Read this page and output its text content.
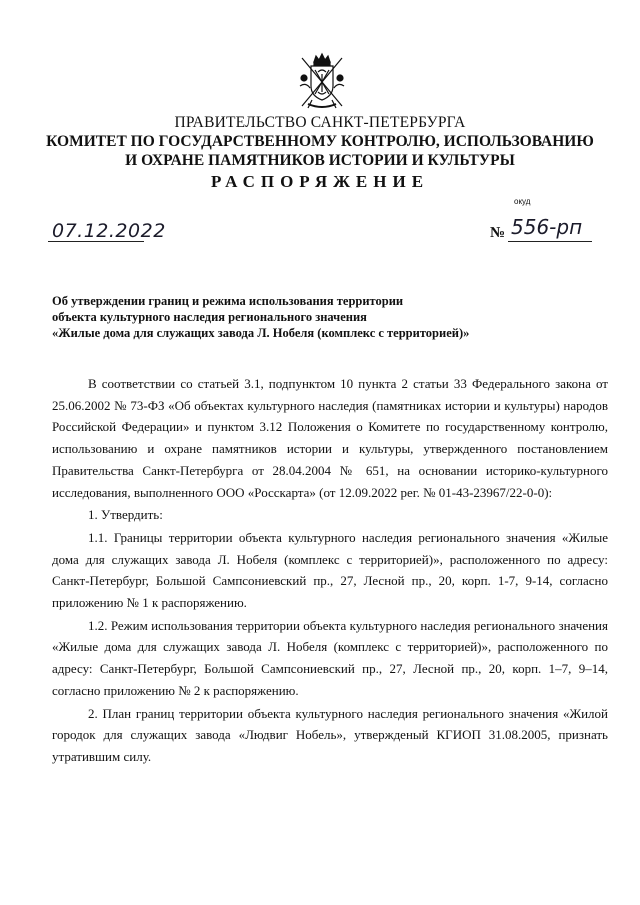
ПРАВИТЕЛЬСТВО САНКТ-ПЕТЕРБУРГА
КОМИТЕТ ПО ГОСУДАРСТВЕННОМУ КОНТРОЛЮ, ИСПОЛЬЗОВАНИЮ
И ОХРАНЕ ПАМЯТНИКОВ ИСТОРИИ И КУЛЬТУРЫ
РАСПОРЯЖЕНИЕ
окуд
07.12.2022	№ 556-рп
Об утверждении границ и режима использования территории
объекта культурного наследия регионального значения
«Жилые дома для служащих завода Л. Нобеля (комплекс с территорией)»

В соответствии со статьей 3.1, подпунктом 10 пункта 2 статьи 33 Федерального закона от 25.06.2002 № 73-ФЗ «Об объектах культурного наследия (памятниках истории и культуры) народов Российской Федерации» и пунктом 3.12 Положения о Комитете по государственному контролю, использованию и охране памятников истории и культуры, утвержденного постановлением Правительства Санкт-Петербурга от 28.04.2004 № 651, на основании историко-культурного исследования, выполненного ООО «Росскарта» (от 12.09.2022 рег. № 01-43-23967/22-0-0):

1. Утвердить:

1.1. Границы территории объекта культурного наследия регионального значения «Жилые дома для служащих завода Л. Нобеля (комплекс с территорией)», расположенного по адресу: Санкт-Петербург, Большой Сампсониевский пр., 27, Лесной пр., 20, корп. 1-7, 9-14, согласно приложению № 1 к распоряжению.

1.2. Режим использования территории объекта культурного наследия регионального значения «Жилые дома для служащих завода Л. Нобеля (комплекс с территорией)», расположенного по адресу: Санкт-Петербург, Большой Сампсониевский пр., 27, Лесной пр., 20, корп. 1–7, 9–14, согласно приложению № 2 к распоряжению.

2. План границ территории объекта культурного наследия регионального значения «Жилой городок для служащих завода «Людвиг Нобель», утвержденый КГИОП 31.08.2005, признать утратившим силу.
